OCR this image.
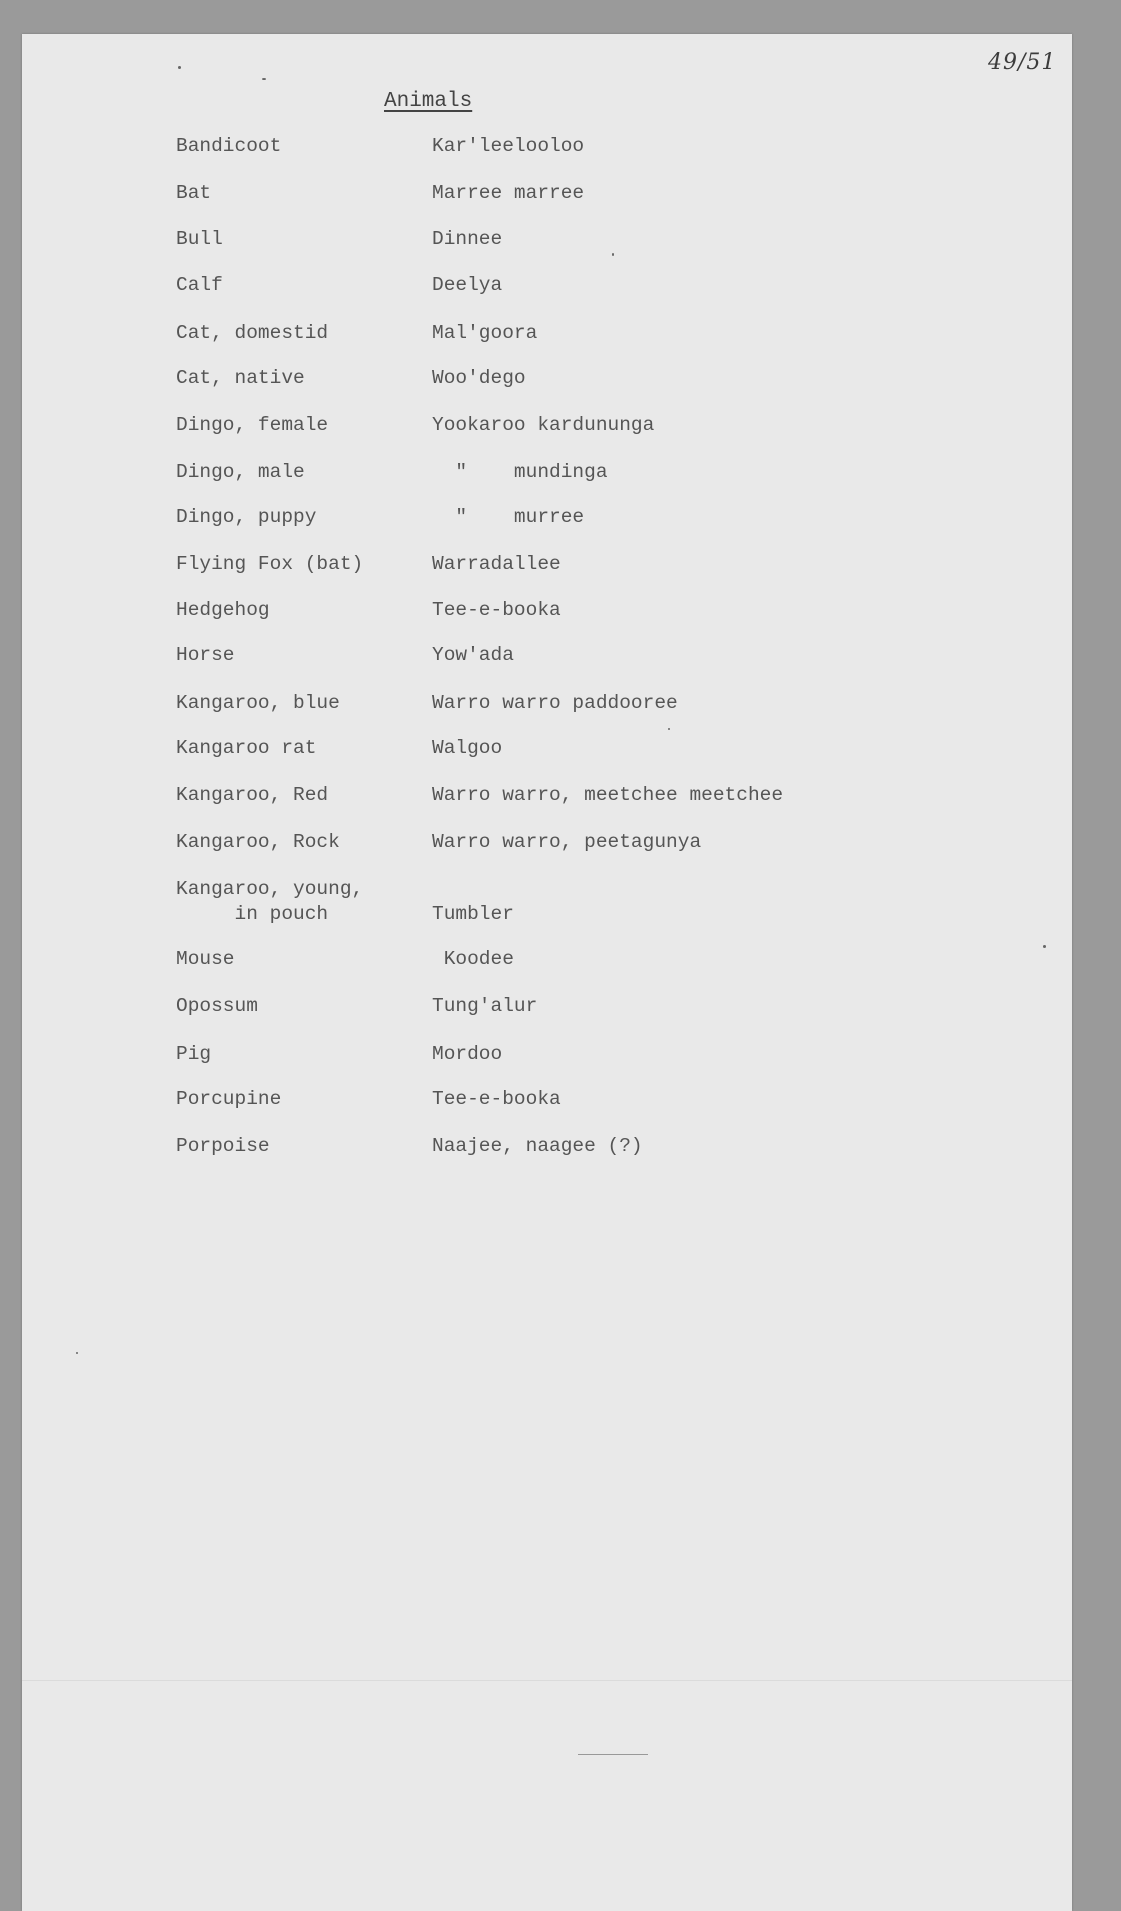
49/51
Animals
Bandicoot	Kar'leelooloo
Bat	Marree marree
Bull	Dinnee
Calf	Deelya
Cat, domestid	Mal'goora
Cat, native	Woo'dego
Dingo, female	Yookaroo kardununga
Dingo, male	"    mundinga
Dingo, puppy	"    murree
Flying Fox (bat)	Warradallee
Hedgehog	Tee-e-booka
Horse	Yow'ada
Kangaroo, blue	Warro warro paddooree
Kangaroo rat	Walgoo
Kangaroo, Red	Warro warro, meetchee meetchee
Kangaroo, Rock	Warro warro, peetagunya
Kangaroo, young,
in pouch	Tumbler
Mouse	Koodee
Opossum	Tung'alur
Pig	Mordoo
Porcupine	Tee-e-booka
Porpoise	Naajee, naagee (?)
